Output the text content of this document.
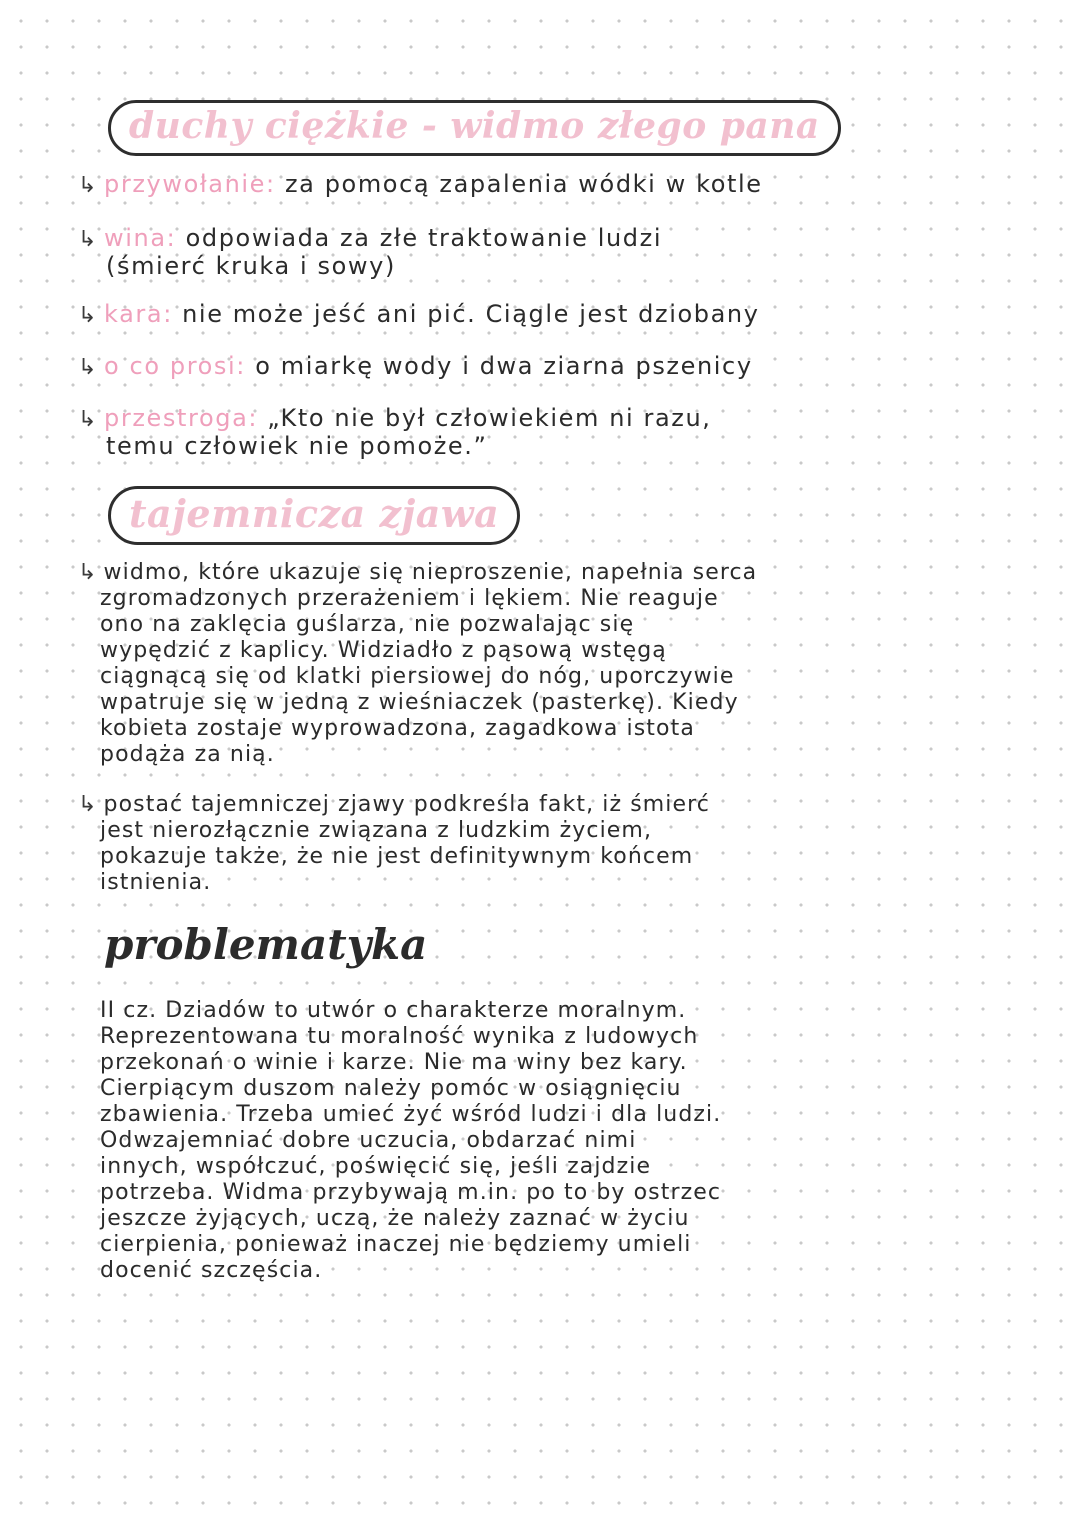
duchy ciężkie - widmo złego pana
↳ przywołanie: za pomocą zapalenia wódki w kotle
↳ wina: odpowiada za złe traktowanie ludzi
(śmierć kruka i sowy)
↳ kara: nie może jeść ani pić. Ciągle jest dziobany
↳ o co prosi: o miarkę wody i dwa ziarna pszenicy
↳ przestroga: „Kto nie był człowiekiem ni razu,
temu człowiek nie pomoże.”
tajemnicza zjawa
↳ widmo, które ukazuje się nieproszenie, napełnia serca
zgromadzonych przerażeniem i lękiem. Nie reaguje
ono na zaklęcia guślarza, nie pozwalając się
wypędzić z kaplicy. Widziadło z pąsową wstęgą
ciągnącą się od klatki piersiowej do nóg, uporczywie
wpatruje się w jedną z wieśniaczek (pasterkę). Kiedy
kobieta zostaje wyprowadzona, zagadkowa istota
podąża za nią.
↳ postać tajemniczej zjawy podkreśla fakt, iż śmierć
jest nierozłącznie związana z ludzkim życiem,
pokazuje także, że nie jest definitywnym końcem
istnienia.
problematyka
II cz. Dziadów to utwór o charakterze moralnym.
Reprezentowana tu moralność wynika z ludowych
przekonań o winie i karze. Nie ma winy bez kary.
Cierpiącym duszom należy pomóc w osiągnięciu
zbawienia. Trzeba umieć żyć wśród ludzi i dla ludzi.
Odwzajemniać dobre uczucia, obdarzać nimi
innych, współczuć, poświęcić się, jeśli zajdzie
potrzeba. Widma przybywają m.in. po to by ostrzec
jeszcze żyjących, uczą, że należy zaznać w życiu
cierpienia, ponieważ inaczej nie będziemy umieli
docenić szczęścia.
